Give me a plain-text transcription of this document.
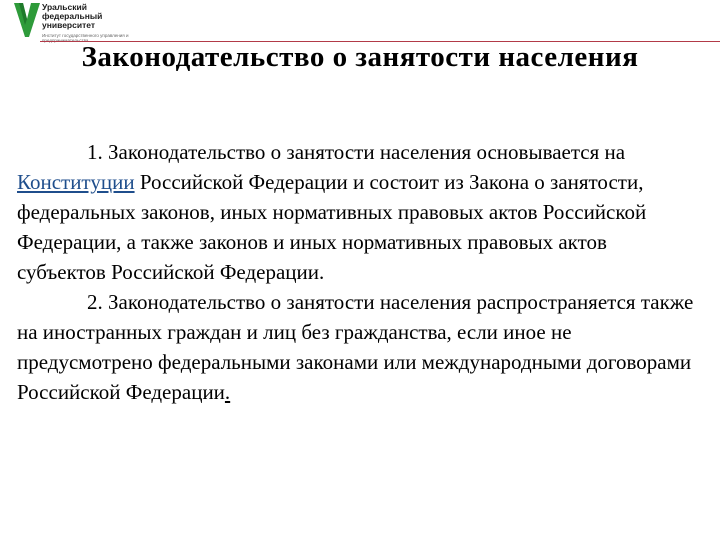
Уральский
федеральный
университет
Институт государственного управления и предпринимательства
Законодательство о занятости населения

1. Законодательство о занятости населения основывается на Конституции Российской Федерации и состоит из Закона о занятости, федеральных законов, иных нормативных правовых актов Российской Федерации, а также законов и иных нормативных правовых актов субъектов Российской Федерации.

2. Законодательство о занятости населения распространяется также на иностранных граждан и лиц без гражданства, если иное не предусмотрено федеральными законами или международными договорами Российской Федерации.
